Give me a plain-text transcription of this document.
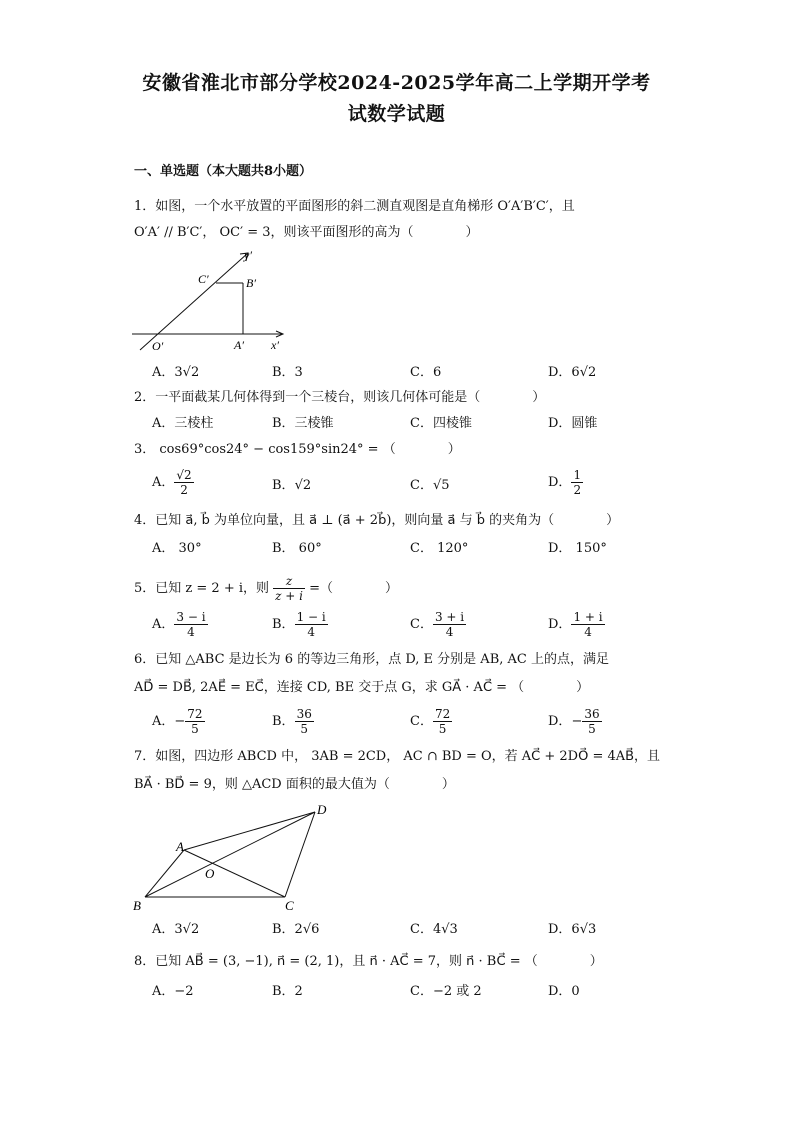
安徽省淮北市部分学校2024-2025学年高二上学期开学考
试数学试题
一、单选题（本大题共8小题）
1．如图，一个水平放置的平面图形的斜二测直观图是直角梯形 O′A′B′C′，且
O′A′ // B′C′， OC′ = 3，则该平面图形的高为（　　　　）
y′
C′	B′
O′	A′ x′
A．3√2	B．3	C．6	D．6√2
2．一平面截某几何体得到一个三棱台，则该几何体可能是（　　　　）
A．三棱柱	B．三棱锥	C．四棱锥	D．圆锥
3． cos69°cos24° − cos159°sin24° = （　　　　）
A． $\frac{√2}{2}$	B．√2	C．√5	D． $\frac{1}{2}$
4．已知 a⃗, b⃗ 为单位向量，且 a⃗ ⊥ (a⃗ + 2b⃗)，则向量 a⃗ 与 b⃗ 的夹角为（　　　　）
A． 30°	B． 60°	C． 120°	D． 150°
5．已知 z = 2 + i，则 $\frac{z}{z + i}$ =（　　　　）
A． $\frac{3 - i}{4}$	B． $\frac{1 - i}{4}$	C． $\frac{3 + i}{4}$	D． $\frac{1 + i}{4}$
6．已知 △ABC 是边长为 6 的等边三角形，点 D, E 分别是 AB, AC 上的点，满足
AD⃗ = DB⃗, 2AE⃗ = EC⃗，连接 CD, BE 交于点 G，求 GA⃗ · AC⃗ = （　　　　）
A．− $\frac{72}{5}$	B． $\frac{36}{5}$	C． $\frac{72}{5}$	D．− $\frac{36}{5}$
7．如图，四边形 ABCD 中， 3AB = 2CD， AC ∩ BD = O，若 AC⃗ + 2DO⃗ = 4AB⃗，且
BA⃗ · BD⃗ = 9，则 △ACD 面积的最大值为（　　　　）
A
O
B	C
D
A．3√2	B．2√6	C．4√3	D．6√3
8．已知 AB⃗ = (3, −1), n⃗ = (2, 1)，且 n⃗ · AC⃗ = 7，则 n⃗ · BC⃗ = （　　　　）
A．−2	B．2	C．−2 或 2	D．0
